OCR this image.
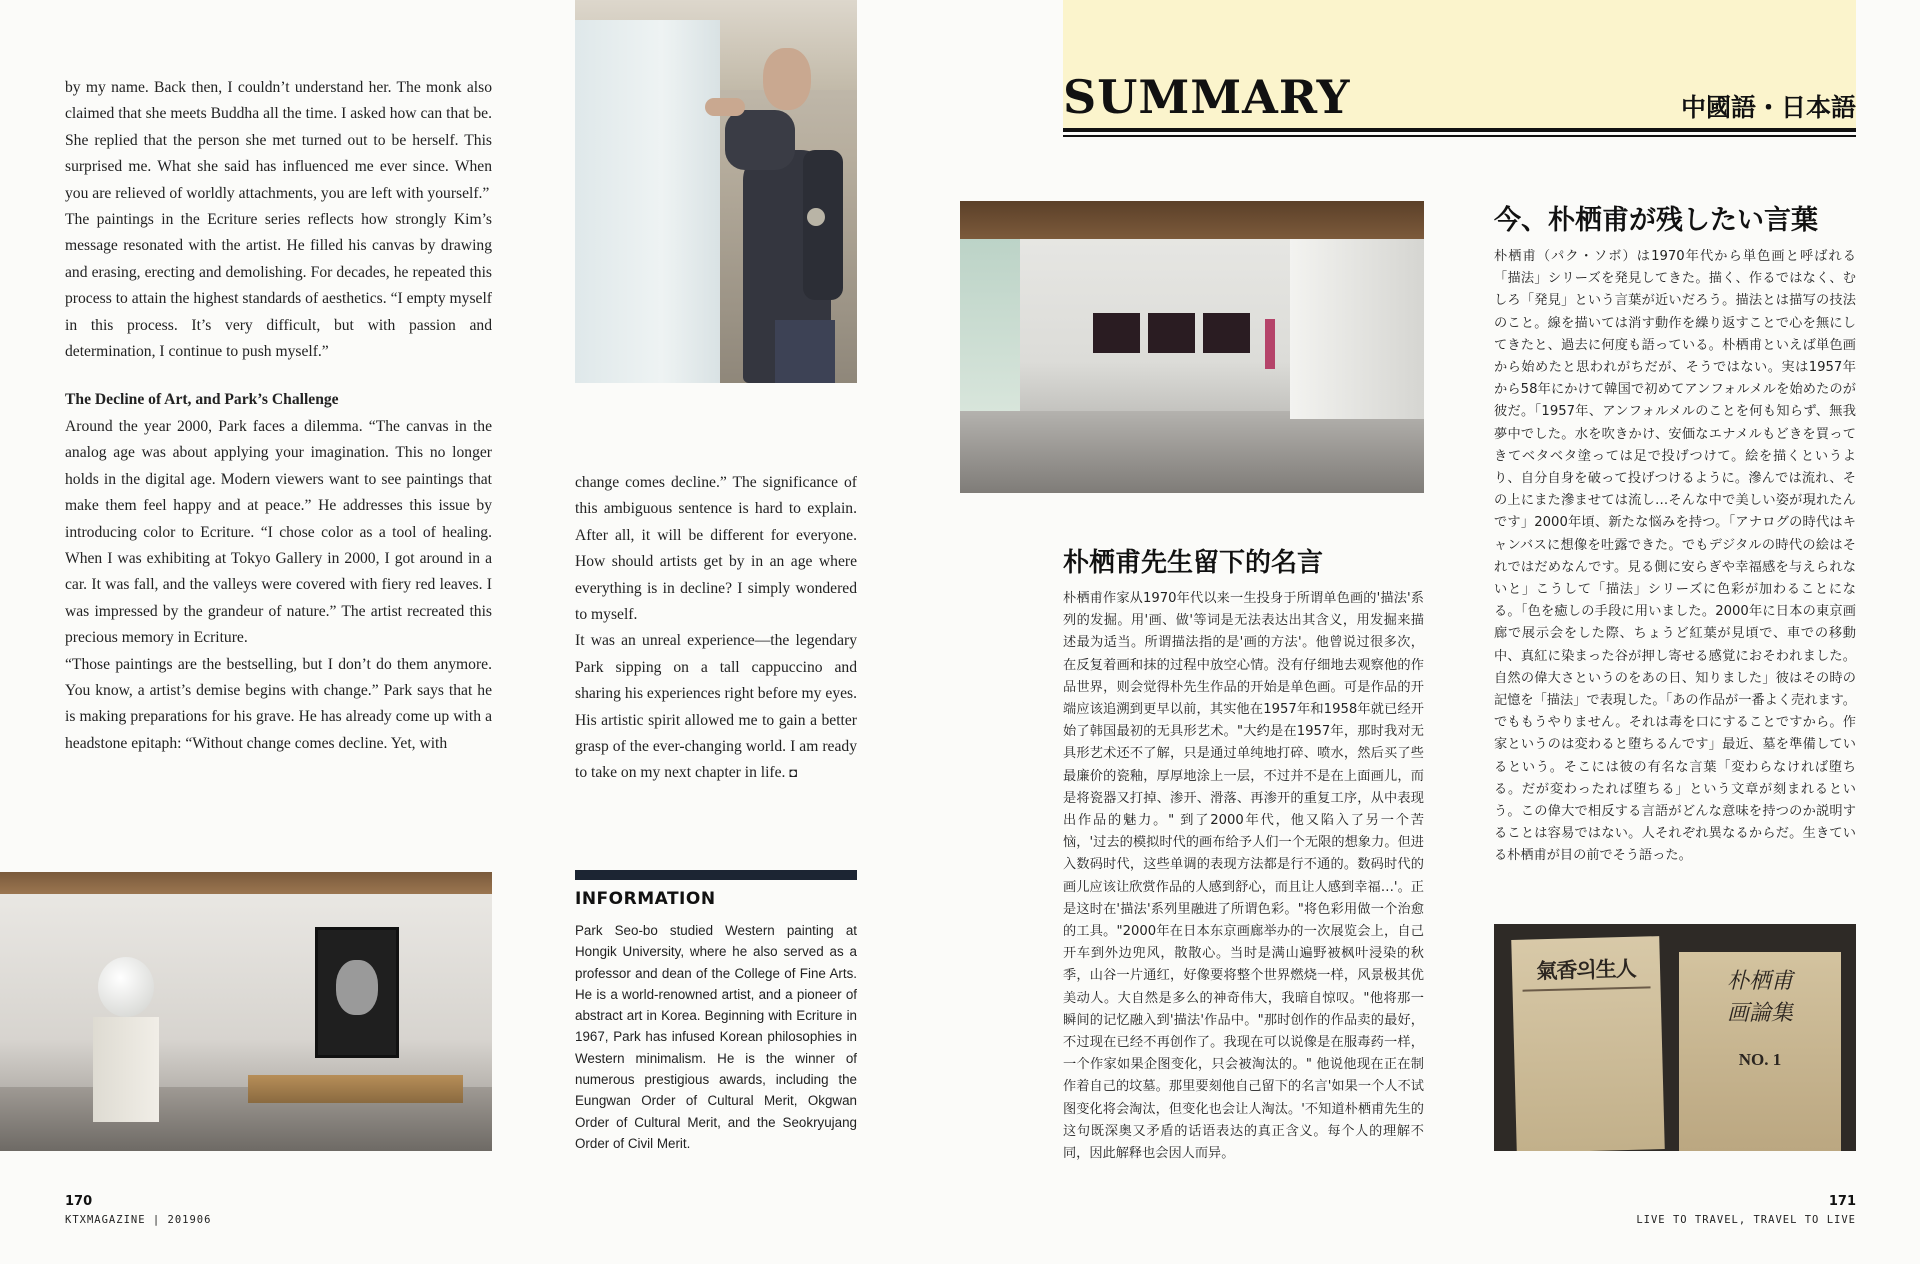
by my name. Back then, I couldn’t understand her. The monk also claimed that she meets Buddha all the time. I asked how can that be. She replied that the person she met turned out to be herself. This surprised me. What she said has influenced me ever since. When you are relieved of worldly attachments, you are left with yourself.”

The paintings in the Ecriture series reflects how strongly Kim’s message resonated with the artist. He filled his canvas by drawing and erasing, erecting and demolishing. For decades, he repeated this process to attain the highest standards of aesthetics. “I empty myself in this process. It’s very difficult, but with passion and determination, I continue to push myself.”

The Decline of Art, and Park’s Challenge

Around the year 2000, Park faces a dilemma. “The canvas in the analog age was about applying your imagination. This no longer holds in the digital age. Modern viewers want to see paintings that make them feel happy and at peace.” He addresses this issue by introducing color to Ecriture. “I chose color as a tool of healing. When I was exhibiting at Tokyo Gallery in 2000, I got around in a car. It was fall, and the valleys were covered with fiery red leaves. I was impressed by the grandeur of nature.” The artist recreated this precious memory in Ecriture.

“Those paintings are the bestselling, but I don’t do them anymore. You know, a artist’s demise begins with change.” Park says that he is making preparations for his grave. He has already come up with a headstone epitaph: “Without change comes decline. Yet, with

change comes decline.” The significance of this ambiguous sentence is hard to explain. After all, it will be different for everyone. How should artists get by in an age where everything is in decline? I simply wondered to myself.

It was an unreal experience—the legendary Park sipping on a tall cappuccino and sharing his experiences right before my eyes. His artistic spirit allowed me to gain a better grasp of the ever-changing world. I am ready to take on my next chapter in life. ◘

INFORMATION
Park Seo-bo studied Western painting at Hongik University, where he also served as a professor and dean of the College of Fine Arts. He is a world-renowned artist, and a pioneer of abstract art in Korea. Beginning with Ecriture in 1967, Park has infused Korean philosophies in Western minimalism. He is the winner of numerous prestigious awards, including the Eungwan Order of Cultural Merit, Okgwan Order of Cultural Merit, and the Seokryujang Order of Civil Merit.
170
KTXMAGAZINE | 201906
SUMMARY	中國語・日本語
朴栖甫先生留下的名言
朴栖甫作家从1970年代以来一生投身于所谓单色画的'描法'系列的发掘。用'画、做'等词是无法表达出其含义，用发掘来描述最为适当。所谓描法指的是'画的方法'。他曾说过很多次，在反复着画和抹的过程中放空心情。没有仔细地去观察他的作品世界，则会觉得朴先生作品的开始是单色画。可是作品的开端应该追溯到更早以前，其实他在1957年和1958年就已经开始了韩国最初的无具形艺术。"大约是在1957年，那时我对无具形艺术还不了解，只是通过单纯地打碎、喷水，然后买了些最廉价的瓷釉，厚厚地涂上一层，不过并不是在上面画儿，而是将瓷器又打掉、渗开、滑落、再渗开的重复工序，从中表现出作品的魅力。" 到了2000年代，他又陷入了另一个苦恼，'过去的模拟时代的画布给予人们一个无限的想象力。但进入数码时代，这些单调的表现方法都是行不通的。数码时代的画儿应该让欣赏作品的人感到舒心，而且让人感到幸福…'。正是这时在'描法'系列里融进了所谓色彩。"将色彩用做一个治愈的工具。"2000年在日本东京画廊举办的一次展览会上，自己开车到外边兜风，散散心。当时是满山遍野被枫叶浸染的秋季，山谷一片通红，好像要将整个世界燃烧一样，风景极其优美动人。大自然是多么的神奇伟大，我暗自惊叹。"他将那一瞬间的记忆融入到'描法'作品中。"那时创作的作品卖的最好，不过现在已经不再创作了。我现在可以说像是在服毒药一样，一个作家如果企图变化，只会被淘汰的。" 他说他现在正在制作着自己的坟墓。那里要刻他自己留下的名言'如果一个人不试图变化将会淘汰，但变化也会让人淘汰。'不知道朴栖甫先生的这句既深奥又矛盾的话语表达的真正含义。每个人的理解不同，因此解释也会因人而异。
今、朴栖甫が残したい言葉
朴栖甫（パク・ソボ）は1970年代から単色画と呼ばれる「描法」シリーズを発見してきた。描く、作るではなく、むしろ「発見」という言葉が近いだろう。描法とは描写の技法のこと。線を描いては消す動作を繰り返すことで心を無にしてきたと、過去に何度も語っている。朴栖甫といえば単色画から始めたと思われがちだが、そうではない。実は1957年から58年にかけて韓国で初めてアンフォルメルを始めたのが彼だ。「1957年、アンフォルメルのことを何も知らず、無我夢中でした。水を吹きかけ、安価なエナメルもどきを買ってきてベタベタ塗っては足で投げつけて。絵を描くというより、自分自身を破って投げつけるように。滲んでは流れ、その上にまた滲ませては流し…そんな中で美しい姿が現れたんです」2000年頃、新たな悩みを持つ。「アナログの時代はキャンバスに想像を吐露できた。でもデジタルの時代の絵はそれではだめなんです。見る側に安らぎや幸福感を与えられないと」こうして「描法」シリーズに色彩が加わることになる。「色を癒しの手段に用いました。2000年に日本の東京画廊で展示会をした際、ちょうど紅葉が見頃で、車での移動中、真紅に染まった谷が押し寄せる感覚におそわれました。自然の偉大さというのをあの日、知りました」彼はその時の記憶を「描法」で表現した。「あの作品が一番よく売れます。でももうやりません。それは毒を口にすることですから。作家というのは変わると堕ちるんです」最近、墓を準備しているという。そこには彼の有名な言葉「変わらなければ堕ちる。だが変わったれば堕ちる」という文章が刻まれるという。この偉大で相反する言語がどんな意味を持つのか説明することは容易ではない。人それぞれ異なるからだ。生きている朴栖甫が目の前でそう語った。
氣香의生人	朴栖甫
画論集
NO. 1
171
LIVE TO TRAVEL, TRAVEL TO LIVE
